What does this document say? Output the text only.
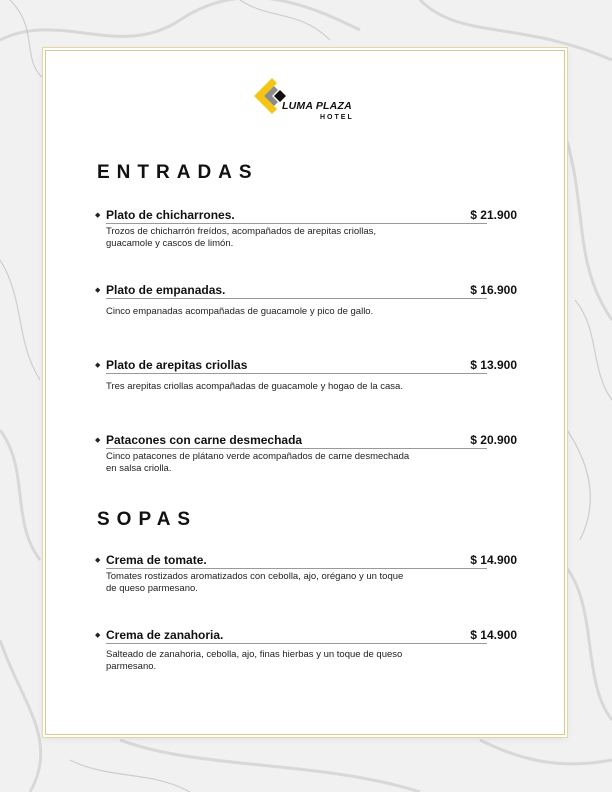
LUMA PLAZA
HOTEL
ENTRADAS
◆ Plato de chicharrones.	$ 21.900
Trozos de chicharrón freídos, acompañados de arepitas criollas, guacamole y cascos de limón.
◆ Plato de empanadas.	$ 16.900
Cinco empanadas acompañadas de guacamole y pico de gallo.
◆ Plato de arepitas criollas	$ 13.900
Tres arepitas criollas acompañadas de guacamole y hogao de la casa.
◆ Patacones con carne desmechada	$ 20.900
Cinco patacones de plátano verde acompañados de carne desmechada en salsa criolla.
SOPAS
◆ Crema de tomate.	$ 14.900
Tomates rostizados aromatizados con cebolla, ajo, orégano y un toque de queso parmesano.
◆ Crema de zanahoria.	$ 14.900
Salteado de zanahoria, cebolla, ajo, finas hierbas y un toque de queso parmesano.
